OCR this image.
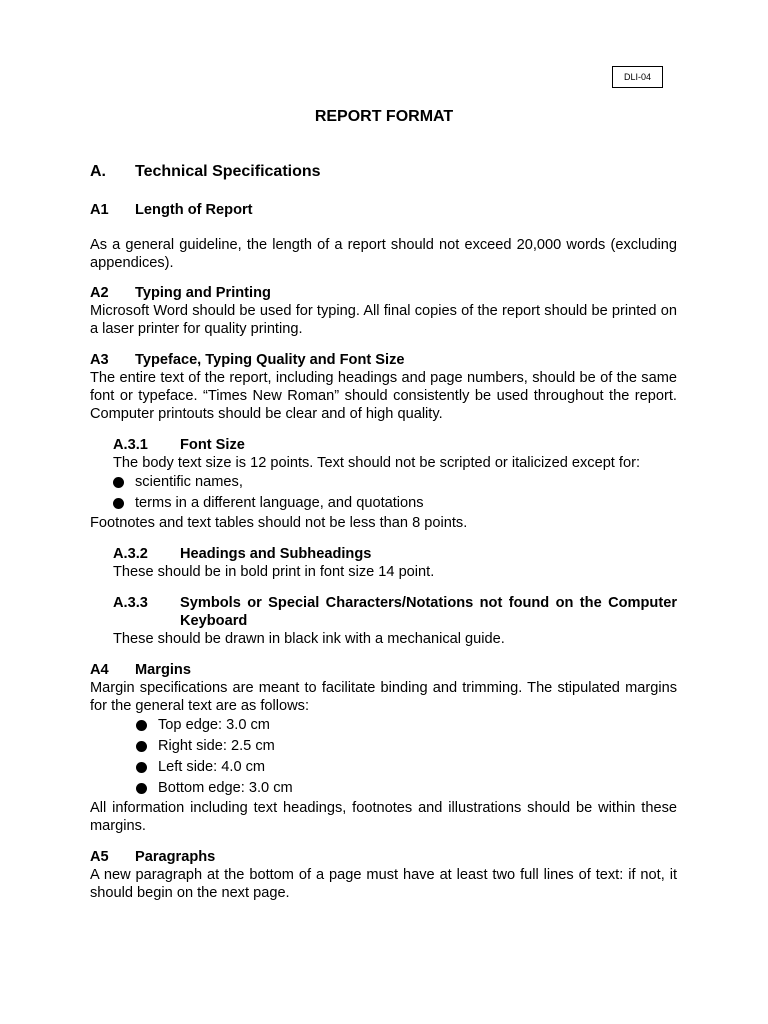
DLI-04
REPORT FORMAT
A. Technical Specifications
A1 Length of Report

As a general guideline, the length of a report should not exceed 20,000 words (excluding appendices).

A2 Typing and Printing

Microsoft Word should be used for typing. All final copies of the report should be printed on a laser printer for quality printing.

A3 Typeface, Typing Quality and Font Size

The entire text of the report, including headings and page numbers, should be of the same font or typeface. “Times New Roman” should consistently be used throughout the report. Computer printouts should be clear and of high quality.

A.3.1	Font Size

The body text size is 12 points. Text should not be scripted or italicized except for:

scientific names,
terms in a different language, and quotations

Footnotes and text tables should not be less than 8 points.

A.3.2	Headings and Subheadings

These should be in bold print in font size 14 point.

A.3.3	Symbols or Special Characters/Notations not found on the Computer Keyboard

These should be drawn in black ink with a mechanical guide.

A4 Margins

Margin specifications are meant to facilitate binding and trimming. The stipulated margins for the general text are as follows:

Top edge: 3.0 cm
Right side: 2.5 cm
Left side: 4.0 cm
Bottom edge: 3.0 cm

All information including text headings, footnotes and illustrations should be within these margins.

A5 Paragraphs

A new paragraph at the bottom of a page must have at least two full lines of text: if not, it should begin on the next page.
